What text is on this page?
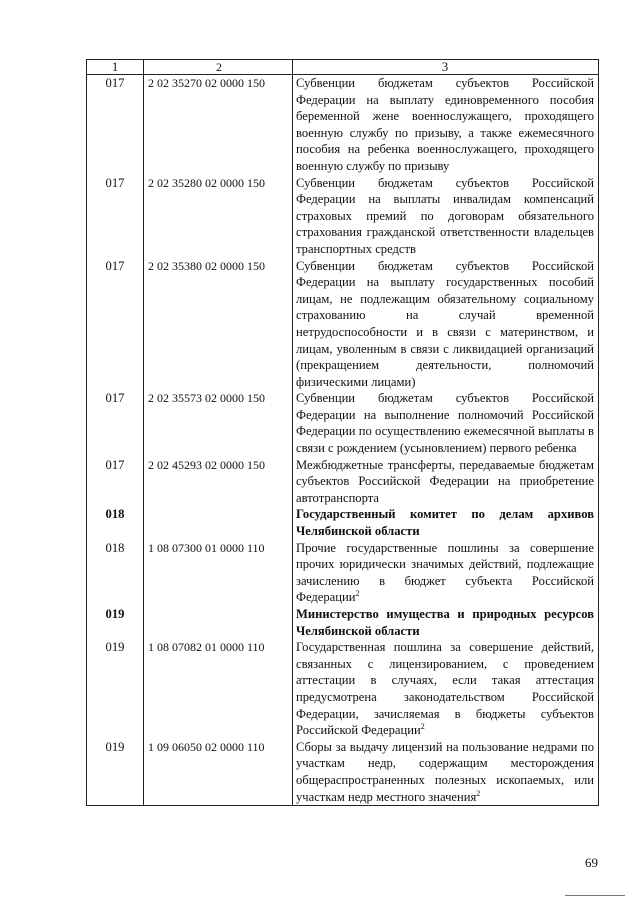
1	2	3
017	2 02 35270 02 0000 150	Субвенции бюджетам субъектов Российской Федерации на выплату единовременного пособия беременной жене военнослужащего, проходящего военную службу по призыву, а также ежемесячного пособия на ребенка военнослужащего, проходящего военную службу по призыву
017	2 02 35280 02 0000 150	Субвенции бюджетам субъектов Российской Федерации на выплаты инвалидам компенсаций страховых премий по договорам обязательного страхования гражданской ответственности владельцев транспортных средств
017	2 02 35380 02 0000 150	Субвенции бюджетам субъектов Российской Федерации на выплату государственных пособий лицам, не подлежащим обязательному социальному страхованию на случай временной нетрудоспособности и в связи с материнством, и лицам, уволенным в связи с ликвидацией организаций (прекращением деятельности, полномочий физическими лицами)
017	2 02 35573 02 0000 150	Субвенции бюджетам субъектов Российской Федерации на выполнение полномочий Российской Федерации по осуществлению ежемесячной выплаты в связи с рождением (усыновлением) первого ребенка
017	2 02 45293 02 0000 150	Межбюджетные трансферты, передаваемые бюджетам субъектов Российской Федерации на приобретение автотранспорта
018		Государственный комитет по делам архивов Челябинской области
018	1 08 07300 01 0000 110	Прочие государственные пошлины за совершение прочих юридически значимых действий, подлежащие зачислению в бюджет субъекта Российской Федерации$^2$
019		Министерство имущества и природных ресурсов Челябинской области
019	1 08 07082 01 0000 110	Государственная пошлина за совершение действий, связанных с лицензированием, с проведением аттестации в случаях, если такая аттестация предусмотрена законодательством Российской Федерации, зачисляемая в бюджеты субъектов Российской Федерации$^2$
019	1 09 06050 02 0000 110	Сборы за выдачу лицензий на пользование недрами по участкам недр, содержащим месторождения общераспространенных полезных ископаемых, или участкам недр местного значения$^2$
69
